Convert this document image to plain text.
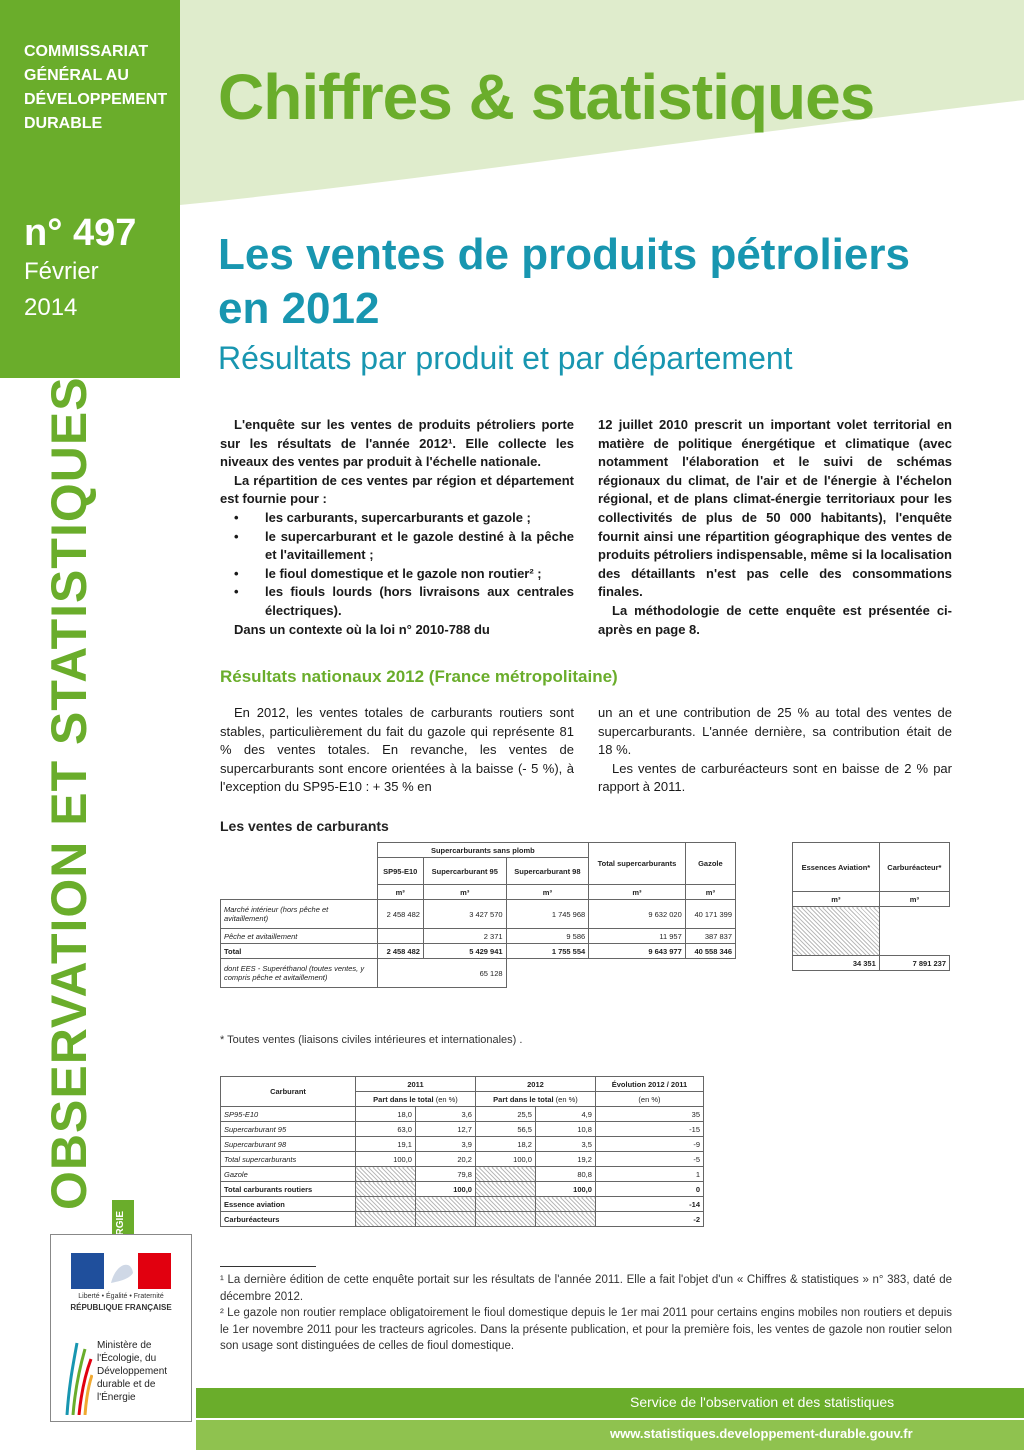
COMMISSARIAT GÉNÉRAL AU DÉVELOPPEMENT DURABLE
n° 497
Février
2014
Chiffres & statistiques
Les ventes de produits pétroliers en 2012
Résultats par produit et par département
OBSERVATION ET STATISTIQUES
Liberté • Égalité • Fraternité
RÉPUBLIQUE FRANÇAISE
Ministère de l'Écologie, du Développement durable et de l'Énergie

L'enquête sur les ventes de produits pétroliers porte sur les résultats de l'année 2012¹. Elle collecte les niveaux des ventes par produit à l'échelle nationale.

La répartition de ces ventes par région et département est fournie pour :

• les carburants, supercarburants et gazole ;
• le supercarburant et le gazole destiné à la pêche et l'avitaillement ;
• le fioul domestique et le gazole non routier² ;
• les fiouls lourds (hors livraisons aux centrales électriques).

Dans un contexte où la loi n° 2010-788 du

12 juillet 2010 prescrit un important volet territorial en matière de politique énergétique et climatique (avec notamment l'élaboration et le suivi de schémas régionaux du climat, de l'air et de l'énergie à l'échelon régional, et de plans climat-énergie territoriaux pour les collectivités de plus de 50 000 habitants), l'enquête fournit ainsi une répartition géographique des ventes de produits pétroliers indispensable, même si la localisation des détaillants n'est pas celle des consommations finales.

La méthodologie de cette enquête est présentée ci-après en page 8.

Résultats nationaux 2012 (France métropolitaine)

En 2012, les ventes totales de carburants routiers sont stables, particulièrement du fait du gazole qui représente 81 % des ventes totales. En revanche, les ventes de supercarburants sont encore orientées à la baisse (- 5 %), à l'exception du SP95-E10 : + 35 % en

un an et une contribution de 25 % au total des ventes de supercarburants. L'année dernière, sa contribution était de 18 %.

Les ventes de carburéacteurs sont en baisse de 2 % par rapport à 2011.

Les ventes de carburants
	Supercarburants sans plomb			Total supercarburants	Gazole
	SP95-E10	Supercarburant 95	Supercarburant 98		
	m³	m³	m³	m³	m³
Marché intérieur (hors pêche et avitaillement)	2 458 482	3 427 570	1 745 968	9 632 020	40 171 399
Pêche et avitaillement		2 371	9 586	11 957	387 837
Total	2 458 482	5 429 941	1 755 554	9 643 977	40 558 346
dont EES - Superéthanol (toutes ventes, y compris pêche et avitaillement)	65 128				
Essences Aviation*	Carburéacteur*
m³	m³

34 351	7 891 237
* Toutes ventes (liaisons civiles intérieures et internationales) .
Carburant	2011		2012		Évolution 2012 / 2011
	Part dans le total (en %)		Part dans le total (en %)		(en %)
SP95-E10	18,0	3,6	25,5	4,9	35
Supercarburant 95	63,0	12,7	56,5	10,8	-15
Supercarburant 98	19,1	3,9	18,2	3,5	-9
Total supercarburants	100,0	20,2	100,0	19,2	-5
Gazole		79,8		80,8	1
Total carburants routiers		100,0		100,0	0
Essence aviation					-14
Carburéacteurs					-2

¹ La dernière édition de cette enquête portait sur les résultats de l'année 2011. Elle a fait l'objet d'un « Chiffres & statistiques » n° 383, daté de décembre 2012.

² Le gazole non routier remplace obligatoirement le fioul domestique depuis le 1er mai 2011 pour certains engins mobiles non routiers et depuis le 1er novembre 2011 pour les tracteurs agricoles. Dans la présente publication, et pour la première fois, les ventes de gazole non routier selon son usage sont distinguées de celles de fioul domestique.

Service de l'observation et des statistiques
www.statistiques.developpement-durable.gouv.fr
